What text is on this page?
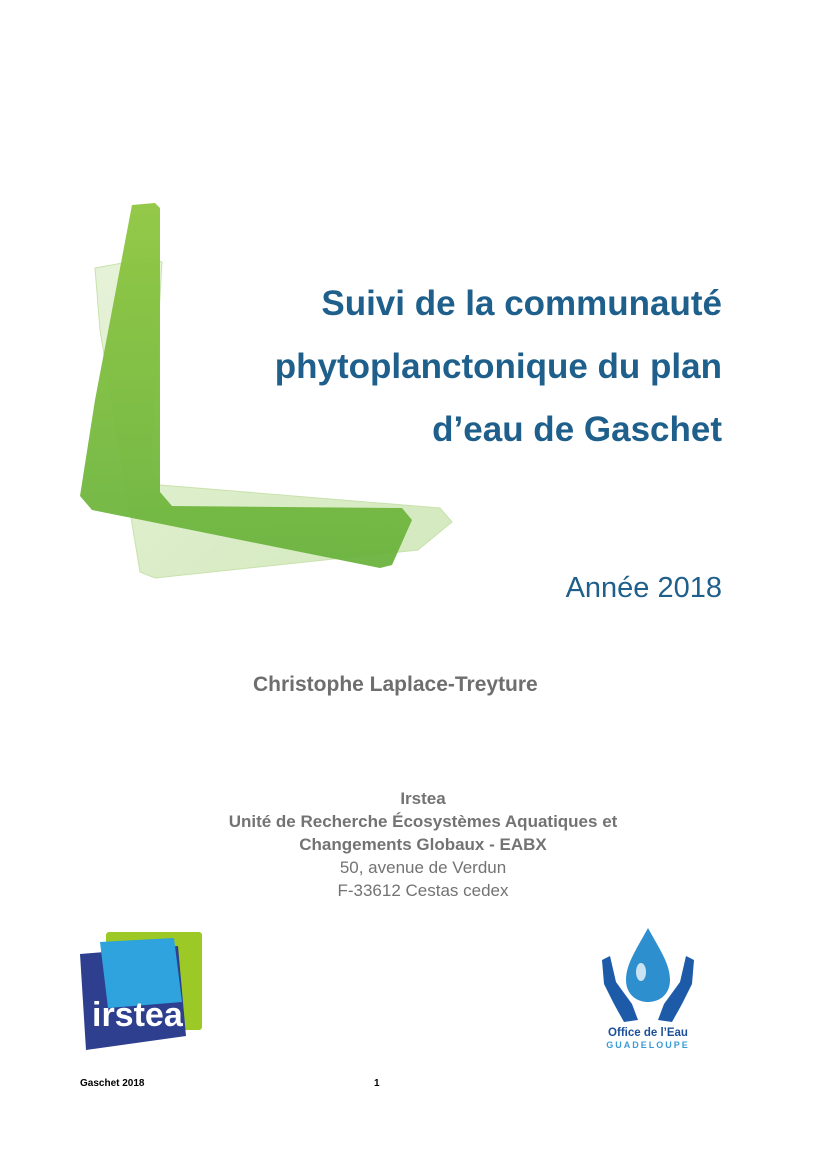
Suivi de la communauté
phytoplanctonique du plan
d’eau de Gaschet
Année 2018
Christophe Laplace-Treyture
Irstea
Unité de Recherche Écosystèmes Aquatiques et
Changements Globaux - EABX
50, avenue de Verdun
F-33612 Cestas cedex
irstea	Office de l’Eau
GUADELOUPE
Gaschet 2018	1
